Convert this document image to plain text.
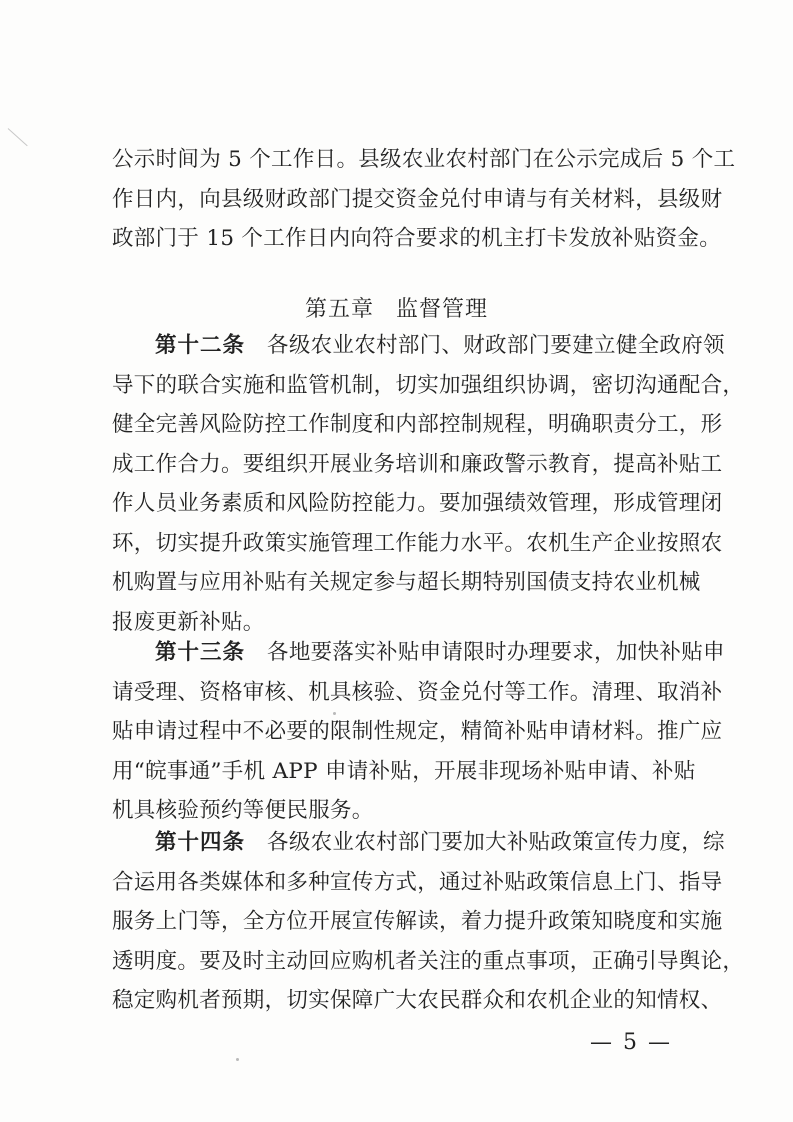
公示时间为 5 个工作日。县级农业农村部门在公示完成后 5 个工
作日内，向县级财政部门提交资金兑付申请与有关材料，县级财
政部门于 15 个工作日内向符合要求的机主打卡发放补贴资金。
第五章 监督管理
第十二条 各级农业农村部门、财政部门要建立健全政府领
导下的联合实施和监管机制，切实加强组织协调，密切沟通配合，
健全完善风险防控工作制度和内部控制规程，明确职责分工，形
成工作合力。要组织开展业务培训和廉政警示教育，提高补贴工
作人员业务素质和风险防控能力。要加强绩效管理，形成管理闭
环，切实提升政策实施管理工作能力水平。农机生产企业按照农
机购置与应用补贴有关规定参与超长期特别国债支持农业机械
报废更新补贴。
第十三条 各地要落实补贴申请限时办理要求，加快补贴申
请受理、资格审核、机具核验、资金兑付等工作。清理、取消补
贴申请过程中不必要的限制性规定，精简补贴申请材料。推广应
用“皖事通”手机 APP 申请补贴，开展非现场补贴申请、补贴
机具核验预约等便民服务。
第十四条 各级农业农村部门要加大补贴政策宣传力度，综
合运用各类媒体和多种宣传方式，通过补贴政策信息上门、指导
服务上门等，全方位开展宣传解读，着力提升政策知晓度和实施
透明度。要及时主动回应购机者关注的重点事项，正确引导舆论，
稳定购机者预期，切实保障广大农民群众和农机企业的知情权、
— 5 —
